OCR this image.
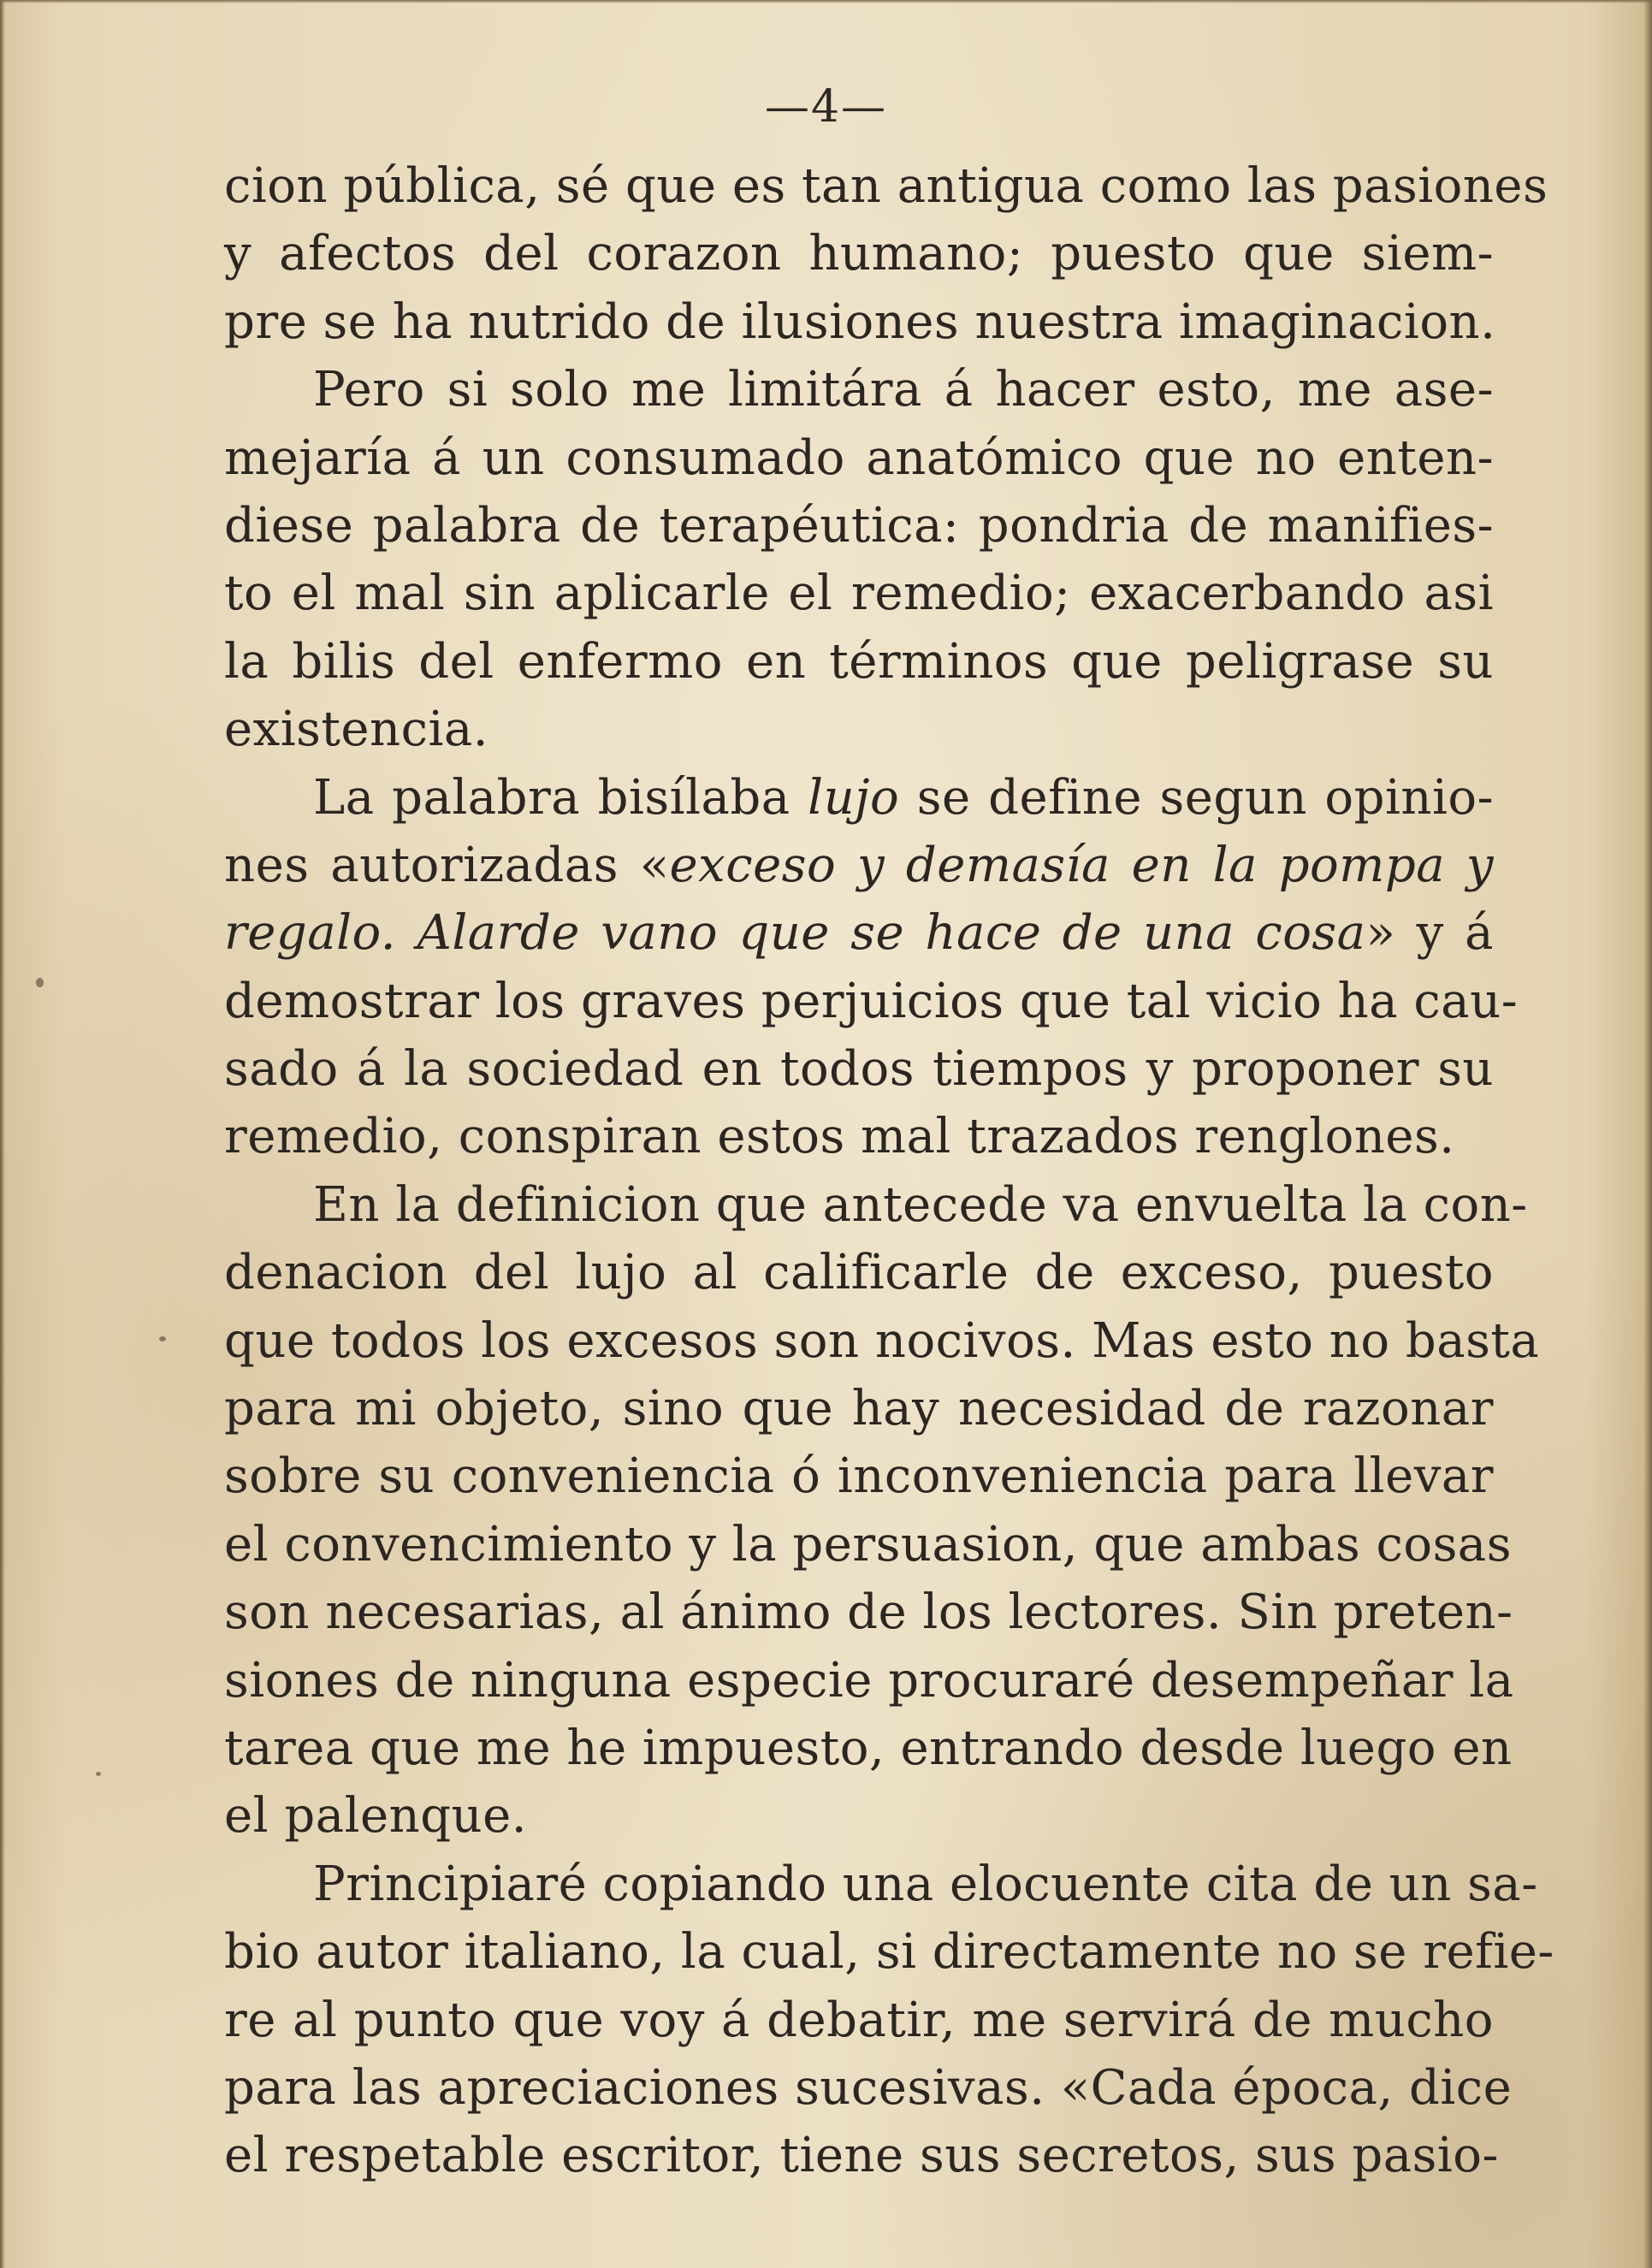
—4—
cion pública, sé que es tan antigua como las pasiones
y afectos del corazon humano; puesto que siem-
pre se ha nutrido de ilusiones nuestra imaginacion.
Pero si solo me limitára á hacer esto, me ase-
mejaría á un consumado anatómico que no enten-
diese palabra de terapéutica: pondria de manifies-
to el mal sin aplicarle el remedio; exacerbando asi
la bilis del enfermo en términos que peligrase su
existencia.
La palabra bisílaba lujo se define segun opinio-
nes autorizadas «exceso y demasía en la pompa y
regalo. Alarde vano que se hace de una cosa» y á
demostrar los graves perjuicios que tal vicio ha cau-
sado á la sociedad en todos tiempos y proponer su
remedio, conspiran estos mal trazados renglones.
En la definicion que antecede va envuelta la con-
denacion del lujo al calificarle de exceso, puesto
que todos los excesos son nocivos. Mas esto no basta
para mi objeto, sino que hay necesidad de razonar
sobre su conveniencia ó inconveniencia para llevar
el convencimiento y la persuasion, que ambas cosas
son necesarias, al ánimo de los lectores. Sin preten-
siones de ninguna especie procuraré desempeñar la
tarea que me he impuesto, entrando desde luego en
el palenque.
Principiaré copiando una elocuente cita de un sa-
bio autor italiano, la cual, si directamente no se refie-
re al punto que voy á debatir, me servirá de mucho
para las apreciaciones sucesivas. «Cada época, dice
el respetable escritor, tiene sus secretos, sus pasio-
